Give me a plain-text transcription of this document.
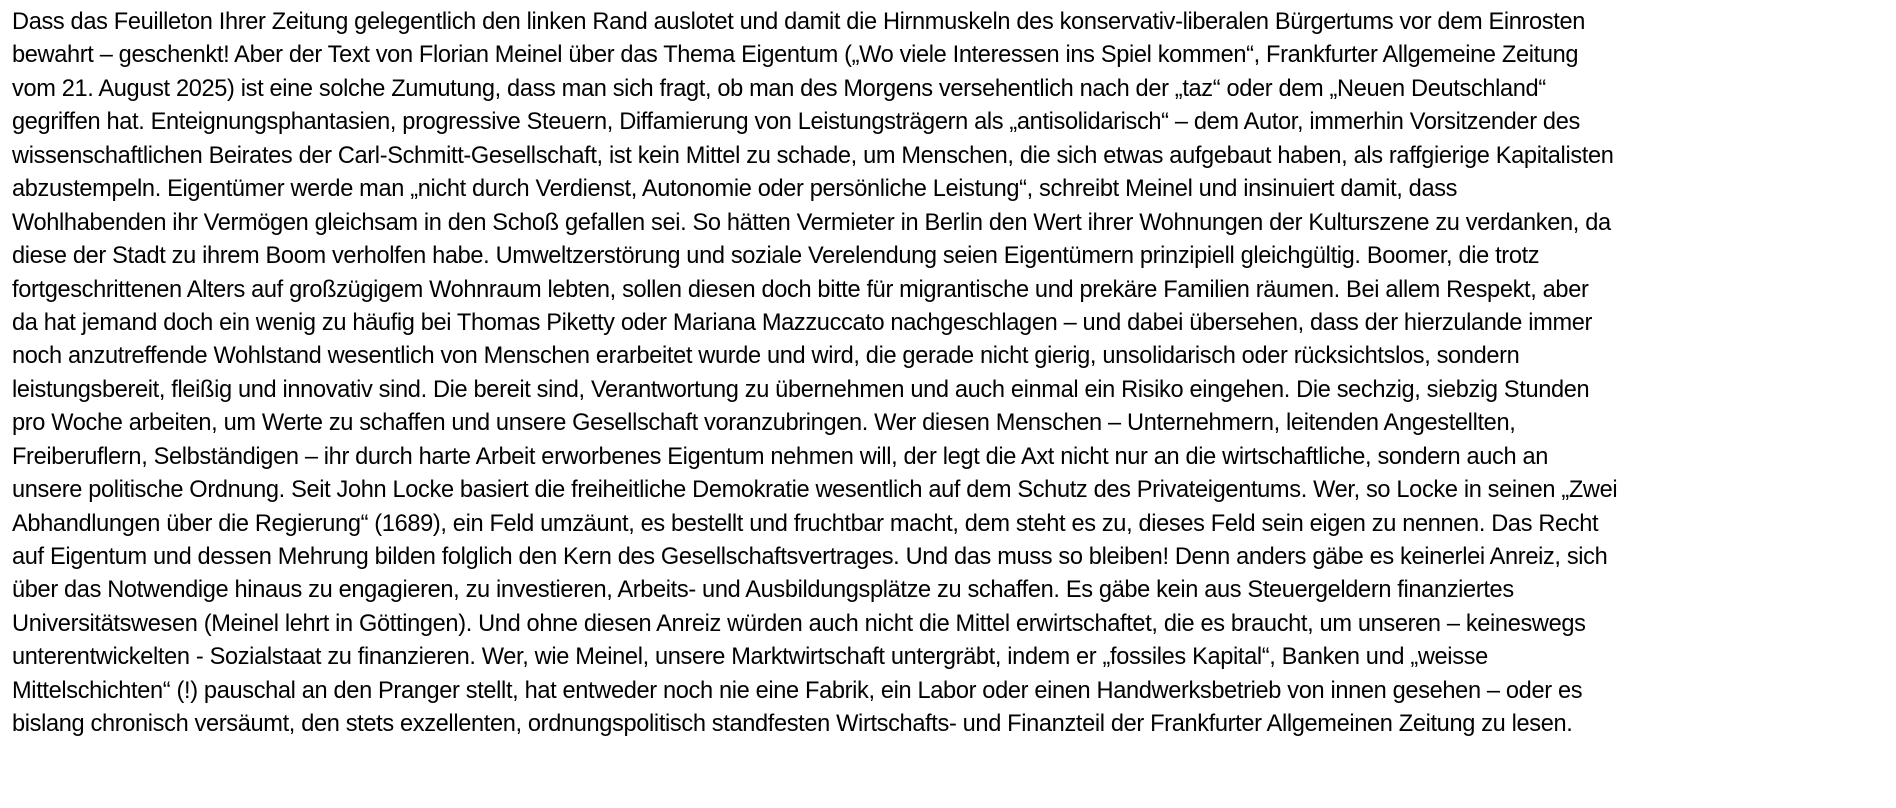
Dass das Feuilleton Ihrer Zeitung gelegentlich den linken Rand auslotet und damit die Hirnmuskeln des konservativ-liberalen Bürgertums vor dem Einrosten
bewahrt – geschenkt! Aber der Text von Florian Meinel über das Thema Eigentum („Wo viele Interessen ins Spiel kommen“, Frankfurter Allgemeine Zeitung
vom 21. August 2025) ist eine solche Zumutung, dass man sich fragt, ob man des Morgens versehentlich nach der „taz“ oder dem „Neuen Deutschland“
gegriffen hat. Enteignungsphantasien, progressive Steuern, Diffamierung von Leistungsträgern als „antisolidarisch“ – dem Autor, immerhin Vorsitzender des
wissenschaftlichen Beirates der Carl-Schmitt-Gesellschaft, ist kein Mittel zu schade, um Menschen, die sich etwas aufgebaut haben, als raffgierige Kapitalisten
abzustempeln. Eigentümer werde man „nicht durch Verdienst, Autonomie oder persönliche Leistung“, schreibt Meinel und insinuiert damit, dass
Wohlhabenden ihr Vermögen gleichsam in den Schoß gefallen sei. So hätten Vermieter in Berlin den Wert ihrer Wohnungen der Kulturszene zu verdanken, da
diese der Stadt zu ihrem Boom verholfen habe. Umweltzerstörung und soziale Verelendung seien Eigentümern prinzipiell gleichgültig. Boomer, die trotz
fortgeschrittenen Alters auf großzügigem Wohnraum lebten, sollen diesen doch bitte für migrantische und prekäre Familien räumen. Bei allem Respekt, aber
da hat jemand doch ein wenig zu häufig bei Thomas Piketty oder Mariana Mazzuccato nachgeschlagen – und dabei übersehen, dass der hierzulande immer
noch anzutreffende Wohlstand wesentlich von Menschen erarbeitet wurde und wird, die gerade nicht gierig, unsolidarisch oder rücksichtslos, sondern
leistungsbereit, fleißig und innovativ sind. Die bereit sind, Verantwortung zu übernehmen und auch einmal ein Risiko eingehen. Die sechzig, siebzig Stunden
pro Woche arbeiten, um Werte zu schaffen und unsere Gesellschaft voranzubringen. Wer diesen Menschen – Unternehmern, leitenden Angestellten,
Freiberuflern, Selbständigen – ihr durch harte Arbeit erworbenes Eigentum nehmen will, der legt die Axt nicht nur an die wirtschaftliche, sondern auch an
unsere politische Ordnung. Seit John Locke basiert die freiheitliche Demokratie wesentlich auf dem Schutz des Privateigentums. Wer, so Locke in seinen „Zwei
Abhandlungen über die Regierung“ (1689), ein Feld umzäunt, es bestellt und fruchtbar macht, dem steht es zu, dieses Feld sein eigen zu nennen. Das Recht
auf Eigentum und dessen Mehrung bilden folglich den Kern des Gesellschaftsvertrages. Und das muss so bleiben! Denn anders gäbe es keinerlei Anreiz, sich
über das Notwendige hinaus zu engagieren, zu investieren, Arbeits- und Ausbildungsplätze zu schaffen. Es gäbe kein aus Steuergeldern finanziertes
Universitätswesen (Meinel lehrt in Göttingen). Und ohne diesen Anreiz würden auch nicht die Mittel erwirtschaftet, die es braucht, um unseren – keineswegs
unterentwickelten - Sozialstaat zu finanzieren. Wer, wie Meinel, unsere Marktwirtschaft untergräbt, indem er „fossiles Kapital“, Banken und „weisse
Mittelschichten“ (!) pauschal an den Pranger stellt, hat entweder noch nie eine Fabrik, ein Labor oder einen Handwerksbetrieb von innen gesehen – oder es
bislang chronisch versäumt, den stets exzellenten, ordnungspolitisch standfesten Wirtschafts- und Finanzteil der Frankfurter Allgemeinen Zeitung zu lesen.
